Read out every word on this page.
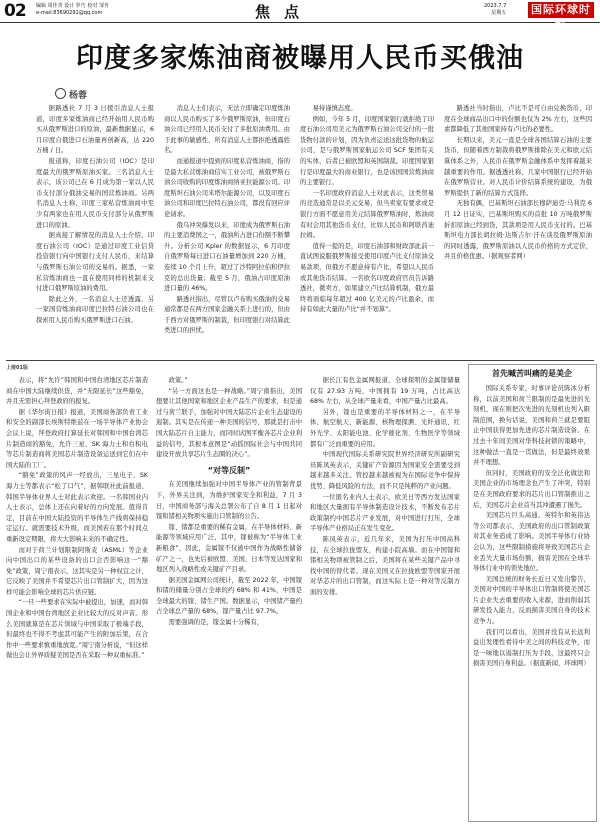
02 编辑 周佳青 设计 罗巧 校对 邹舟
e-mail:83690291@qq.com	焦点	2023.7.7
星期五 国际环球时报
印度多家炼油商被曝用人民币买俄油
杨蓉

据路透社 7 月 3 日援引消息人士报道，印度多家炼油商已经开始用人民币购买从俄罗斯进口的原油，最新数据显示，6 月印度自俄进口石油量再创新高，达 220 万桶 / 日。

报道称，印度石油公司（IOC）是印度最大的俄罗斯原油买家。三名消息人士表示，该公司已在 6 月成为第一家以人民币支付部分俄油交易的国营炼油商。另两名消息人士称，印度三家私营炼油商中至少有两家也在用人民币支付部分从俄罗斯进口的原油。

据真接了解情况的消息人士介绍，印度石油公司（IOC）是通过印度工业信贷投资银行向中国银行支付人民币，来结算与俄罗斯石油公司的交易的。据悉，一家私营炼油商也一直在使用同样的机制来支付进口俄罗斯原油的费用。

除此之外，一名消息人士还透露，另一家国营炼油商印度巴拉特石油公司也在探索用人民币购买俄罗斯进口石油。

消息人士们表示，无法立即确定印度炼油商以人民币购买了多少俄罗斯原油，但印度石油公司已经用人民币支付了多批原油费用。由于此事的敏感性，所有消息人士都拒绝透露姓名。

而通报道中提到的印度私营炼油商，指的是最大私营炼油商信实工业公司、被俄罗斯石油公司收购的印度炼油商纳亚拉能源公司。印度斯坦石油公司米塔尔能源公司，以及印度石油公司和印度巴拉特石油公司，都没有回应评论请求。

俄乌冲突爆发以来，印度成为俄罗斯石油的主要消费国之一，俄油所占进口份额不断攀升。分析公司 Kpler 的数据显示，6 月印度自俄罗斯每日进口石油量增加到 220 万桶，连续 10 个月上升，超过了沙特阿拉伯和伊拉克的总出货量；截至 5 月，俄油占印度原油进口量的 46%。

路透社指出，尽管以卢布购买俄油的交易通常都是在两方国家金融关系上进行的，但由于西方对俄罗斯的制裁，但印度银行对结算此类进口的担忧。

易持谨慎态度。

例如，今年 5 月，印度国家银行就拒绝了印度石油公司用美元为俄罗斯石油公司交付的一批货物付款的计划，因为负责运送这批货物的航运公司，是与俄罗斯国家航运公司 SCF 集团有关的实体，后者已被欧盟和英国制裁。印度国家银行是印度最大的商业银行，也是该国国营炼油商的主要银行。

一名印度政府消息人士对此表示，这类贸易的竞选通常是以美元交易，但当卖家有要求或是银行方面不愿意用美元结算俄罗斯油时，炼油商有时会用其他货币支付，比如人民币和阿联酋迪拉姆。

值得一提的是，印度石油部和财政部此前一直试图说服俄罗斯接受使用印度卢比支付原油交易款项，但俄方不愿意持有卢比，希望以人民币或其他货币结算。一名欧名印度政府官员告诉路透社，微卖方，如果建立卢比结算机制，俄方最终将面临每年超过 400 亿美元的卢比盈余，而持有如此大量的卢比“并不划算”。

路透社当时指出，卢比不是可自由兑换货币，印度在全球商品出口中的份额也仅为 2% 左右，这些因素都降低了其他国家持有卢比的必要性。

长期以来，美元一直是全球各国结算石油的主要货币，但随着西方制裁将俄罗斯排除在美元和欧元结算体系之外，人民币在俄罗斯金融体系中发挥着越来越重要的作用。据透透社称，几家中国银行已经开始在俄罗斯营业。对人民币计价结算系统的建设，为俄罗斯提供了新的结算方式选择。

无独有偶，巴基斯坦石油部长穆萨迪克·马利克 6 月 12 日证实，巴基斯坦购买的首批 10 万吨俄罗斯折扣原油已经到货，其款项是用人民币支付的。巴基斯坦电力部长胡拉姆·达斯吉尔·汗在谈及俄罗斯原油的同时透露，俄罗斯原油以人民币价格的方式定价，并且价格优惠。（据观察者网）

上接01版

表示，将“允许”韩国和中国台湾地区芯片制造商在中国大陆继续供货，并“无限延长”这些豁免，并且无需担心拜登政府的报复。

据《华尔街日报》报道，美国商务部负责工业和安全的副部长埃斯特维兹在一场半导体产业协会会议上说，拜登政府打算延长对韩国和中国台湾芯片制造商的豁免，允许三星、SK 海力士和台积电等芯片制造商将美国芯片制造设备运送到它们在中国大陆的工厂。

“豁免”政策的风声一经放出，三星电子、SK 海力士等都表示“松了口气”，据韩联社此前报道，韩国半导体业界人士对此表示欢迎。一名韩国业内人士表示，总体上还在向着好的方向发展。值得肯定，目前在中国大陆投资的半导体生产线将保持稳定运行。就需要技术升级，而美国若在那个时间点重新设定期限，将大大影响未来的不确定性。

而对于荷兰计划限制阿斯麦（ASML）等企业向中国出口的某些设备的出口会否影响这一“豁免”政策，周宁南表示，这其实是另一种权宜之计，它反映了美国并不希望芯片出口管制扩大，因为这样可能会影响全球的芯片供应链。

“一旦一些要求在实际中被提出，加速，而对韩国企业和中国台湾地区企业比较大的反对声音。形么美国就算是在芯片领域与中国采取了极端手段，但最终也不得不考虑其可能产生的附加后果，在合作中一些要求慎重地放宽。”周宁南分析说，“但这样做也会让外界质疑美国是否在采取一种双重标准。”

政策。”

“另一方面这也是一种战略。”周宁南指出，美国想要让其他国家和地区企业产品生产的要求，但是通过与荷兰联手，加强对中国大陆芯片企业生态建设的遏制。其实是在传递一种美国的信号，那就是打击中国大陆芯片自主能力，而同时试图平衡各芯片企业利益的信号，其根本意图是“动摇国际社会与中国共同建设开放共享芯片生态圈的决心”。

“对等反制”

在美国继续加强对中国半导体产业的管制背景下，外界关注到，为维护国家安全和利益，7 月 3 日，中国商务部与海关总署公布了自 8 月 1 日起对镓和锗相关物项实施出口管制的公告。

镓、锗都是重要的稀有金属，在半导体材料、新能源等领域应用广泛，其中，镓被称为“半导体工业新粮食”，因此，金属镓不仅被中国作为战略性储备矿产之一，也先后被欧盟、美国、日本等发达国家和地区列入战略性或关键矿产目录。

据美国金属网公司统计，截至 2022 年，中国镓和锗的储量分别占全球的约 68% 和 41%，中国是全球最大的镓、锗生产国。数据显示，中国锗产量约占全球总产量的 68%，镓产量占比 97.7%。

需要强调的是，镓金属十分稀有，

据长江有色金属网报道，全球探明的金属镓储量仅有 27.93 万吨，中国拥有 19 万吨，占比高达 68% 左右，从全球产量来看，中国产量占比最高。

另外，镓也是重要的半导体材料之一，在半导体、航空航天、新能源、核物理探测、光纤通讯、红外光学、太阳能电池、化学催化剂、生物医学等领域都有广泛而重要的应用。

中国现代国际关系研究院世界经济研究所副研究员陈凤英表示，关键矿产资源因为国家安全需要受到越来越多关注。管控越来越被视为在国际竞争中保持优势、降低风险的方法，而不只是纯粹的产业问题。

一位匿名业内人士表示，欧美日等西方发达国家和地区大量拥有半导体制造设计技术，不断发布芯片政策制约中国芯片产业发展，对中国进行打压，全球半导体产业格局正在发生变化。

陈凤英表示，近几年来，美国为打压中国高科技，在全球拉拢盟友，构建小院高墙。而在中国镓和锗相关物项被管制之后，美国将在某些关键产品中寻找中国的替代者。现在美国又在拉拢欧盟等国家开展对华芯片的出口管制，而这实际上是一种对等反制方面的安排。

首先喊苦叫痛的是美企

国际关系专家，时事评论员陈冰分析称，以前美国和荷兰限制的是最先进的光刻机，现在则把次先进的光刻机也列入限制范围，换句话说，美国和荷兰就是要阻止中国获得更加先进的芯片制造设备。在过去十年间美国对华科技封锁的策略中，这种做法一直是一贯做法，但是最终效果并不理想。

但同时，美国政府的安全泛化做法和美国企业的市场理念也产生了冲突，特别是在美国政府要求的芯片出口管制推出之后，美国芯片企业首当其冲遭遇了损失。

美国芯片巨头高通、英特尔和英伟达等公司都表示，美国政府的出口管制政策对其业务造成了影响。美国半导体行业协会认为，这些限制措施将导致美国芯片企业丢失大量市场份额，损害美国在全球半导体行业中的领先地位。

美国总统的财务长近日又发出警告，美国对中国的半导体出口管制将使美国芯片企业失去重要的收入来源，进而削弱其研发投入能力，反而损害美国自身的技术竞争力。

我们可以看出，美国并没有从长远利益出发理性看待中美之间的科技竞争，而是一味地以遏制打压为手段，这最终只会损害美国自身利益。（据直新闻、环球网）
